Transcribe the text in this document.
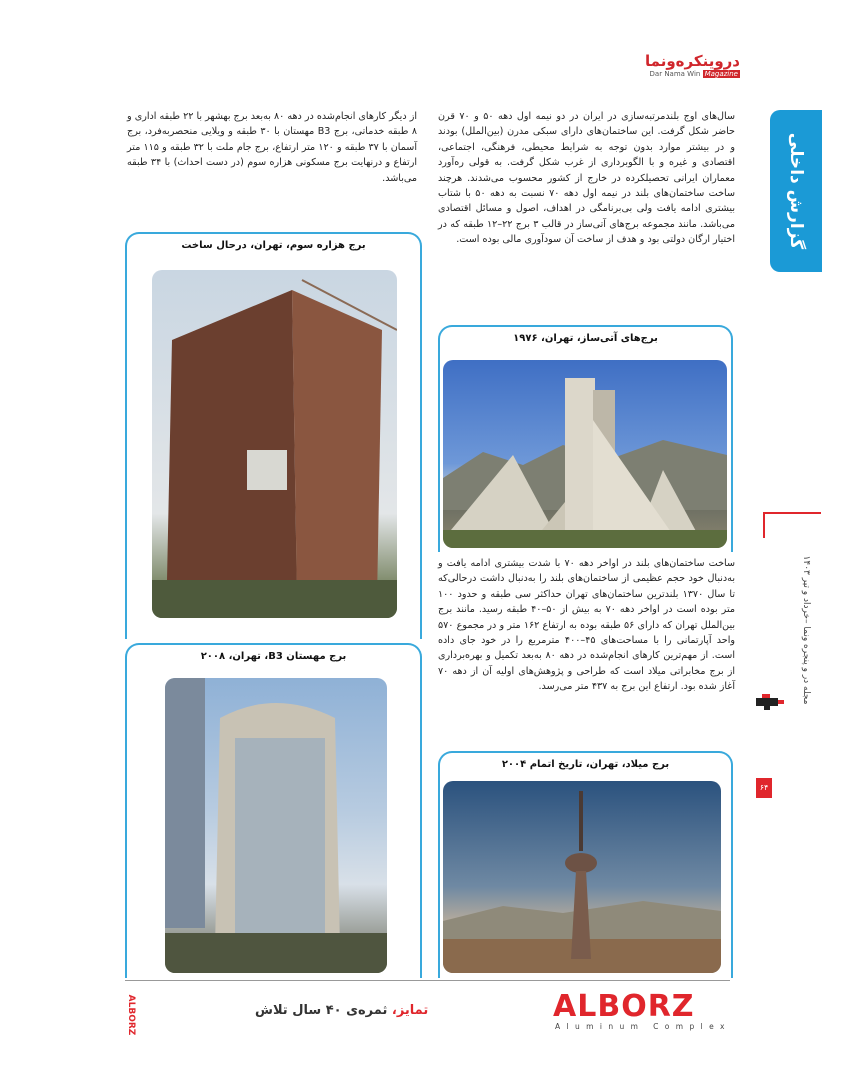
دروینکره‌ونما
Dar Nama Win Magazine
گزارش داخلی
مجله در و پنجره ونما –خرداد و تیر ۱۴۰۳
۶۴
سال‌های اوج بلندمرتبه‌سازی در ایران در دو نیمه اول دهه ۵۰ و ۷۰ قرن حاضر شکل گرفت. این ساختمان‌های دارای سبکی مدرن (بین‌الملل) بودند و در بیشتر موارد بدون توجه به شرایط محیطی، فرهنگی، اجتماعی، اقتصادی و غیره و با الگوبرداری از غرب شکل گرفت. به قولی ره‌آورد معماران ایرانی تحصیلکرده در خارج از کشور محسوب می‌شدند. هرچند ساخت ساختمان‌های بلند در نیمه اول دهه ۷۰ نسبت به دهه ۵۰ با شتاب بیشتری ادامه یافت ولی بی‌برنامگی در اهداف، اصول و مسائل اقتصادی می‌باشد. مانند مجموعه برج‌های آتی‌ساز در قالب ۳ برج ۲۲–۱۲ طبقه که در اختیار ارگان دولتی بود و هدف از ساخت آن سودآوری مالی بوده است.
از دیگر کارهای انجام‌شده در دهه ۸۰ به‌بعد برج بهشهر با ۲۲ طبقه اداری و ۸ طبقه خدماتی، برج B3 مهستان با ۳۰ طبقه و ویلایی منحصربه‌فرد، برج آسمان با ۳۷ طبقه و ۱۲۰ متر ارتفاع، برج جام ملت با ۳۲ طبقه و ۱۱۵ متر ارتفاع و درنهایت برج مسکونی هزاره سوم (در دست احداث) با ۳۴ طبقه می‌باشد.
ساخت ساختمان‌های بلند در اواخر دهه ۷۰ با شدت بیشتری ادامه یافت و به‌دنبال خود حجم عظیمی از ساختمان‌های بلند را به‌دنبال داشت درحالی‌که تا سال ۱۳۷۰ بلندترین ساختمان‌های تهران حداکثر سی طبقه و حدود ۱۰۰ متر بوده است در اواخر دهه ۷۰ به بیش از ۵۰–۴۰ طبقه رسید. مانند برج بین‌الملل تهران که دارای ۵۶ طبقه بوده به ارتفاع ۱۶۲ متر و در مجموع ۵۷۰ واحد آپارتمانی را با مساحت‌های ۴۵–۴۰۰ مترمربع را در خود جای داده است. از مهم‌ترین کارهای انجام‌شده در دهه ۸۰ به‌بعد تکمیل و بهره‌برداری از برج مخابراتی میلاد است که طراحی و پژوهش‌های اولیه آن از دهه ۷۰ آغاز شده بود. ارتفاع این برج به ۴۳۷ متر می‌رسد.
برج‌های آتی‌ساز، تهران، ۱۹۷۶
برج هزاره سوم، تهران، درحال ساخت
برج میلاد، تهران، تاریخ اتمام ۲۰۰۴
برج مهستان B3، تهران، ۲۰۰۸
تمایز، ثمره‌ی ۴۰ سال تلاش	ALBORZ
Aluminum Complex
ALBORZ
